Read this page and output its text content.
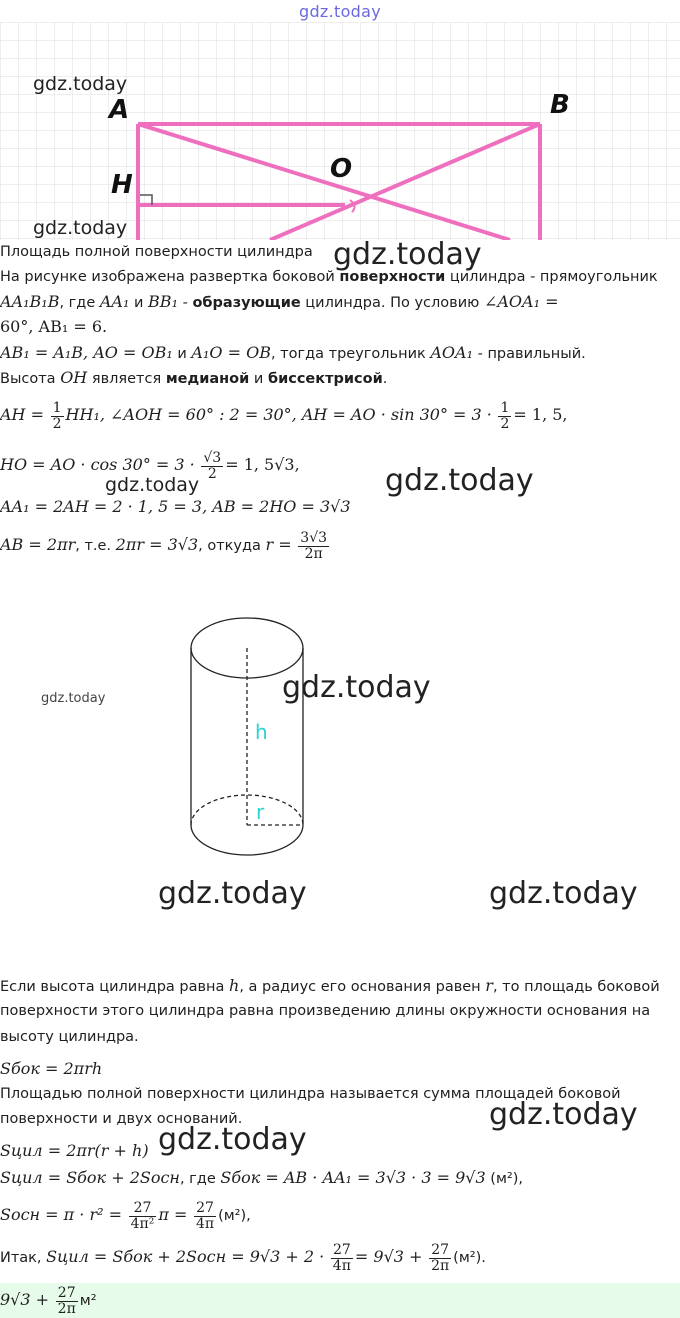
gdz.today
A	B
H
O
gdz.today
gdz.today
gdz.today
Площадь полной поверхности цилиндра
На рисунке изображена развертка боковой поверхности цилиндра - прямоугольник
AA₁B₁B, где AA₁ и BB₁ - образующие цилиндра. По условию ∠AOA₁ =
60°, AB₁ = 6.
AB₁ = A₁B, AO = OB₁ и A₁O = OB, тогда треугольник AOA₁ - правильный.
Высота OH является медианой и биссектрисой.
AH = $\frac{1}{2} HH_1$, ∠AOH = 60° : 2 = 30°, AH = AO · $\sin 30^\circ = 3 \cdot \frac{1}{2} = 1$, 5,
HO = AO · $\cos 30^\circ = 3 \cdot \frac{√3}{2} = 1$, 5√3,
gdz.today	gdz.today
AA₁ = 2AH = 2 · 1, 5 = 3, AB = 2HO = 3√3
AB = 2πr, т.е. 2πr = 3√3, откуда $r = \frac{3√3}{2\pi}$
h
r
gdz.today	gdz.today
gdz.today	gdz.today
Если высота цилиндра равна h, а радиус его основания равен r, то площадь боковой
поверхности этого цилиндра равна произведению длины окружности основания на
высоту цилиндра.
Sбок = 2πrh
Площадью полной поверхности цилиндра называется сумма площадей боковой
поверхности и двух оснований.	gdz.today
gdz.today
Sцил = 2πr(r + h)
Sцил = Sбок + 2Sосн, где Sбок = AB · AA₁ = 3√3 · 3 = 9√3 (м²),
Sосн = $\pi \cdot r^2 = \frac{27}{\text{4π²}}$ $\pi = \frac{27}{4\pi} (м^2)$,
Итак, Sцил = Sбок + 2Sосн = $9√3 + 2 \cdot \frac{27}{4\pi} = 9√3 + \frac{27}{2\pi} (м^2)$.
$9√3 + \frac{27}{2\pi} м^2$
